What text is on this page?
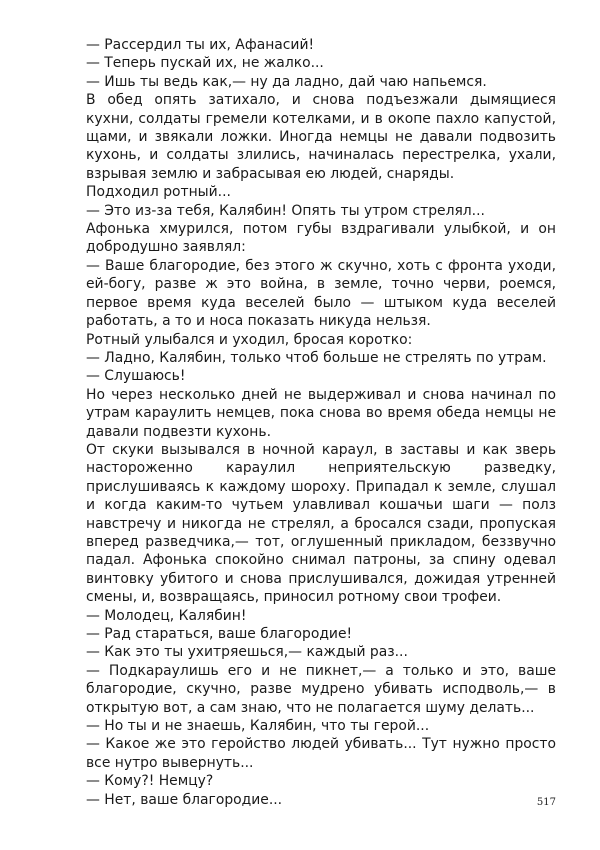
— Рассердил ты их, Афанасий!

— Теперь пускай их, не жалко...

— Ишь ты ведь как,— ну да ладно, дай чаю напьемся.

В обед опять затихало, и снова подъезжали дымящиеся кухни, солдаты гремели котелками, и в окопе пахло капустой, щами, и звякали ложки. Иногда немцы не давали подвозить кухонь, и солдаты злились, начиналась перестрелка, ухали, взрывая землю и забрасывая ею людей, снаряды.

Подходил ротный...

— Это из-за тебя, Калябин! Опять ты утром стрелял...

Афонька хмурился, потом губы вздрагивали улыбкой, и он добродушно заявлял:

— Ваше благородие, без этого ж скучно, хоть с фронта уходи, ей-богу, разве ж это война, в земле, точно черви, роемся, первое время куда веселей было — штыком куда веселей работать, а то и носа показать никуда нельзя.

Ротный улыбался и уходил, бросая коротко:

— Ладно, Калябин, только чтоб больше не стрелять по утрам.

— Слушаюсь!

Но через несколько дней не выдерживал и снова начинал по утрам караулить немцев, пока снова во время обеда немцы не давали подвезти кухонь.

От скуки вызывался в ночной караул, в заставы и как зверь настороженно караулил неприятельскую разведку, прислушиваясь к каждому шороху. Припадал к земле, слушал и когда каким-то чутьем улавливал кошачьи шаги — полз навстречу и никогда не стрелял, а бросался сзади, пропуская вперед разведчика,— тот, оглушенный прикладом, беззвучно падал. Афонька спокойно снимал патроны, за спину одевал винтовку убитого и снова прислушивался, дожидая утренней смены, и, возвращаясь, приносил ротному свои трофеи.

— Молодец, Калябин!

— Рад стараться, ваше благородие!

— Как это ты ухитряешься,— каждый раз...

— Подкараулишь его и не пикнет,— а только и это, ваше благородие, скучно, разве мудрено убивать исподволь,— в открытую вот, а сам знаю, что не полагается шуму делать...

— Но ты и не знаешь, Калябин, что ты герой...

— Какое же это геройство людей убивать... Тут нужно просто все нутро вывернуть...

— Кому?! Немцу?

— Нет, ваше благородие...	517
